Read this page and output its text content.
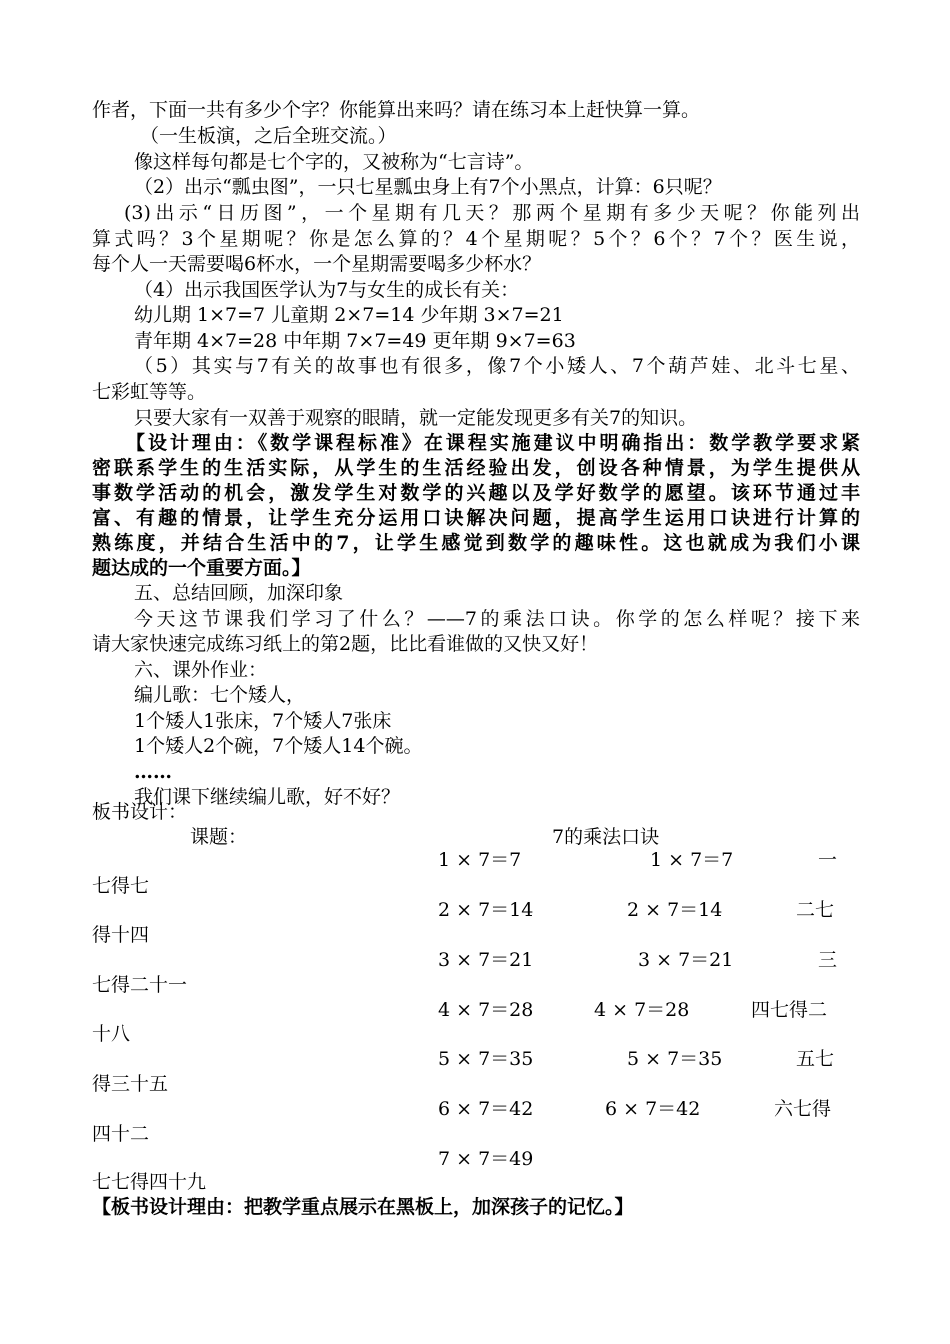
作者，下面一共有多少个字？你能算出来吗？请在练习本上赶快算一算。
（一生板演，之后全班交流。）
像这样每句都是七个字的，又被称为“七言诗”。
（2）出示“瓢虫图”，一只七星瓢虫身上有7个小黑点，计算：6只呢？
(3)出示“日历图”，一个星期有几天？那两个星期有多少天呢？你能列出
算式吗？3个星期呢？你是怎么算的？4个星期呢？5个？6个？7个？医生说，
每个人一天需要喝6杯水，一个星期需要喝多少杯水？
（4）出示我国医学认为7与女生的成长有关：
幼儿期 1×7=7 儿童期 2×7=14 少年期 3×7=21
青年期 4×7=28 中年期 7×7=49 更年期 9×7=63
（5）其实与7有关的故事也有很多，像7个小矮人、7个葫芦娃、北斗七星、
七彩虹等等。
只要大家有一双善于观察的眼睛，就一定能发现更多有关7的知识。
【设计理由：《数学课程标准》在课程实施建议中明确指出：数学教学要求紧
密联系学生的生活实际，从学生的生活经验出发，创设各种情景，为学生提供从
事数学活动的机会，激发学生对数学的兴趣以及学好数学的愿望。该环节通过丰
富、有趣的情景，让学生充分运用口诀解决问题，提高学生运用口诀进行计算的
熟练度，并结合生活中的7，让学生感觉到数学的趣味性。这也就成为我们小课
题达成的一个重要方面。】
五、总结回顾，加深印象
今天这节课我们学习了什么？——7的乘法口诀。你学的怎么样呢？接下来
请大家快速完成练习纸上的第2题，比比看谁做的又快又好！
六、课外作业：
编儿歌：七个矮人，
1个矮人1张床，7个矮人7张床
1个矮人2个碗，7个矮人14个碗。
……
我们课下继续编儿歌，好不好？
板书设计：
课题：	7的乘法口诀
1 × 7＝7	1 × 7＝7	一
七得七
2 × 7＝14	2 × 7＝14	二七
得十四
3 × 7＝21	3 × 7＝21	三
七得二十一
4 × 7＝28	4 × 7＝28	四七得二
十八
5 × 7＝35	5 × 7＝35	五七
得三十五
6 × 7＝42	6 × 7＝42	六七得
四十二
7 × 7＝49
七七得四十九
【板书设计理由：把教学重点展示在黑板上，加深孩子的记忆。】
